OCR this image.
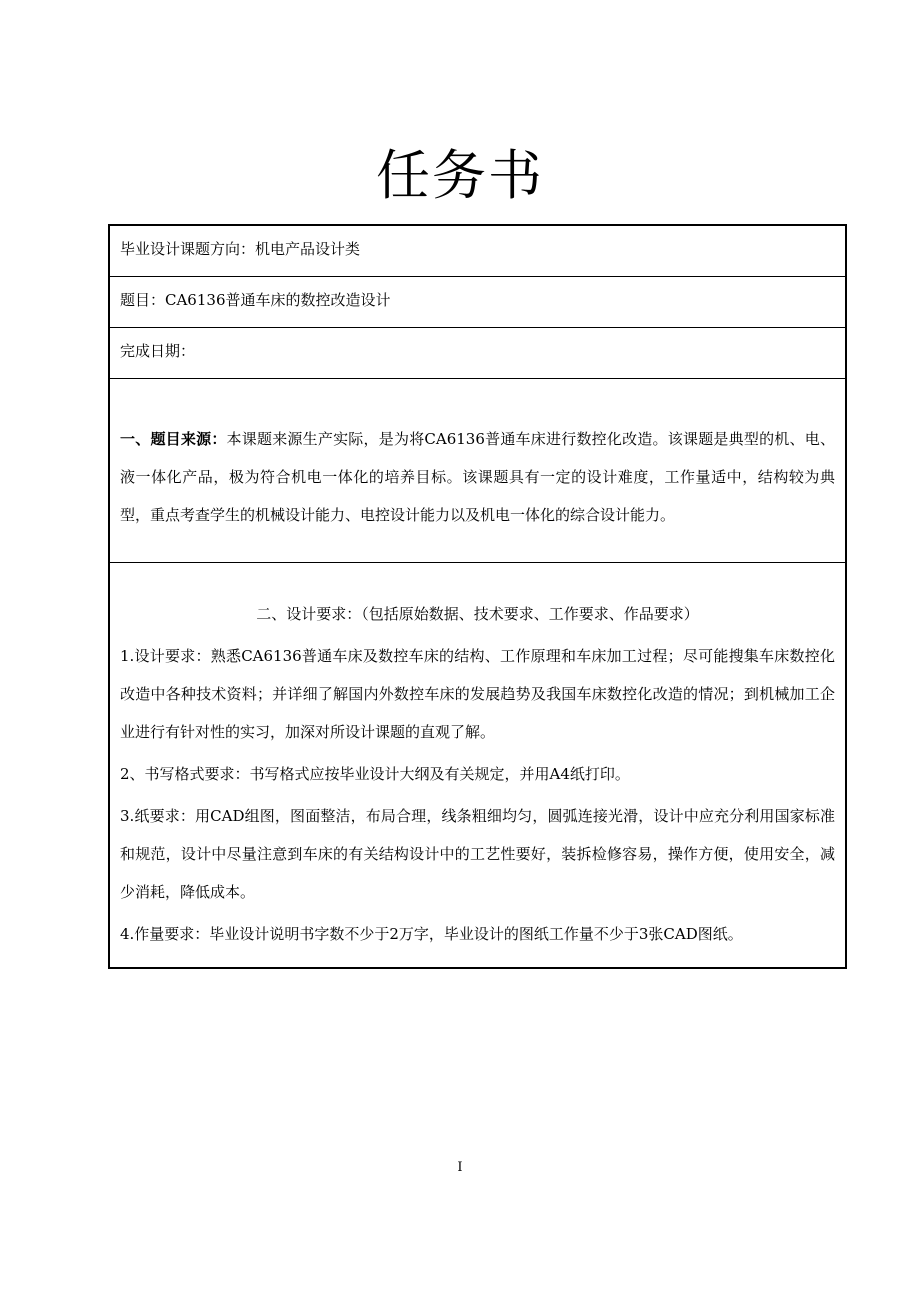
任务书
毕业设计课题方向：机电产品设计类
题目：CA6136普通车床的数控改造设计
完成日期：
一、题目来源：本课题来源生产实际，是为将CA6136普通车床进行数控化改造。该课题是典型的机、电、液一体化产品，极为符合机电一体化的培养目标。该课题具有一定的设计难度，工作量适中，结构较为典型，重点考查学生的机械设计能力、电控设计能力以及机电一体化的综合设计能力。
二、设计要求：（包括原始数据、技术要求、工作要求、作品要求）
1.设计要求：熟悉CA6136普通车床及数控车床的结构、工作原理和车床加工过程；尽可能搜集车床数控化改造中各种技术资料；并详细了解国内外数控车床的发展趋势及我国车床数控化改造的情况；到机械加工企业进行有针对性的实习，加深对所设计课题的直观了解。
2、书写格式要求：书写格式应按毕业设计大纲及有关规定，并用A4纸打印。
3.纸要求：用CAD组图，图面整洁，布局合理，线条粗细均匀，圆弧连接光滑，设计中应充分利用国家标准和规范，设计中尽量注意到车床的有关结构设计中的工艺性要好，装拆检修容易，操作方便，使用安全，减少消耗，降低成本。
4.作量要求：毕业设计说明书字数不少于2万字，毕业设计的图纸工作量不少于3张CAD图纸。
I
